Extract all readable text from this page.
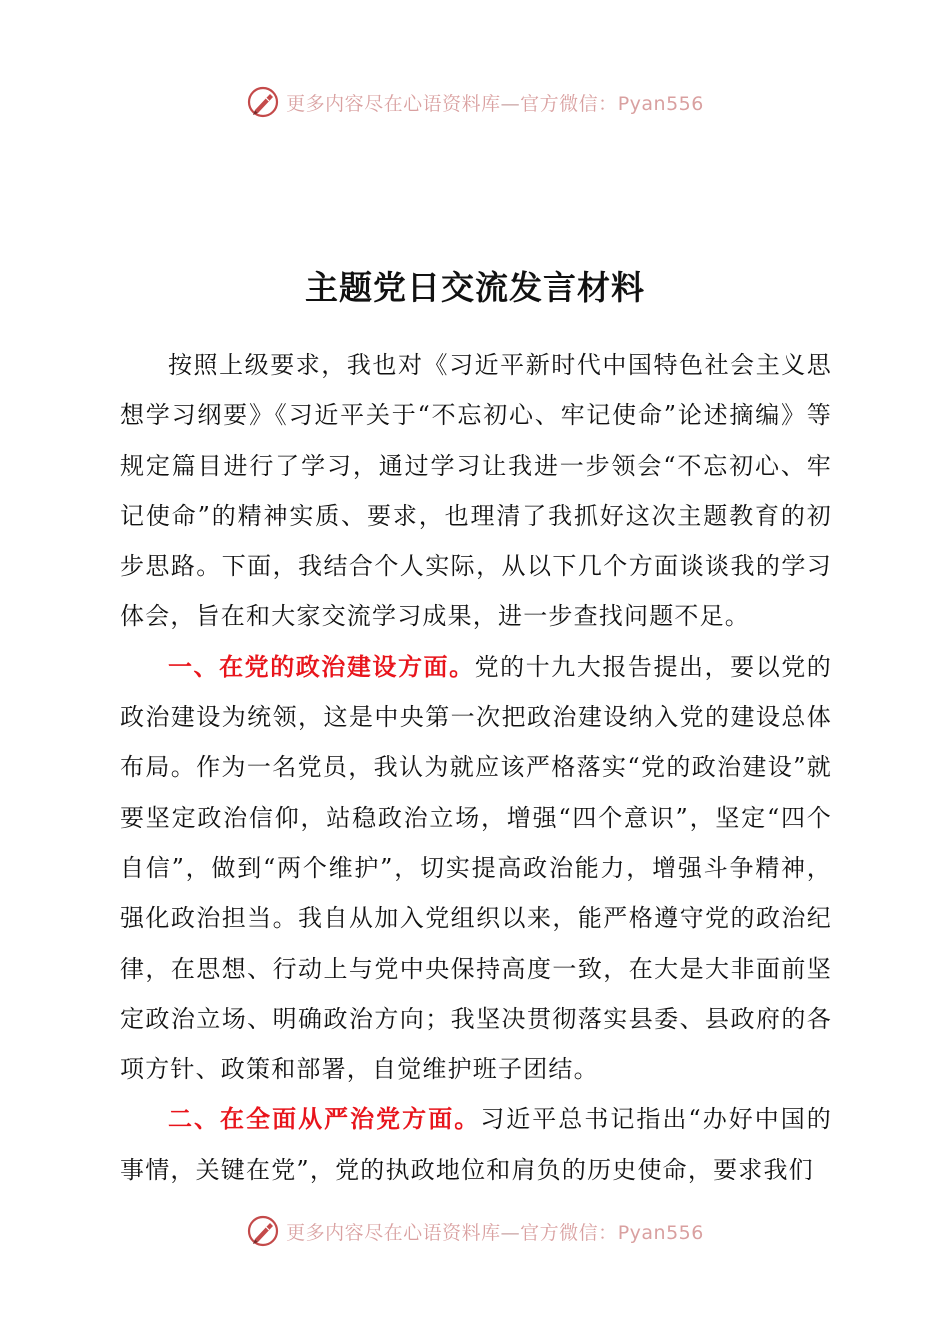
更多内容尽在心语资料库—官方微信：Pyan556
主题党日交流发言材料

按照上级要求，我也对《习近平新时代中国特色社会主义思想学习纲要》《习近平关于“不忘初心、牢记使命”论述摘编》等规定篇目进行了学习，通过学习让我进一步领会“不忘初心、牢记使命”的精神实质、要求，也理清了我抓好这次主题教育的初步思路。下面，我结合个人实际，从以下几个方面谈谈我的学习体会，旨在和大家交流学习成果，进一步查找问题不足。

一、在党的政治建设方面。党的十九大报告提出，要以党的政治建设为统领，这是中央第一次把政治建设纳入党的建设总体布局。作为一名党员，我认为就应该严格落实“党的政治建设”就要坚定政治信仰，站稳政治立场，增强“四个意识”，坚定“四个自信”，做到“两个维护”，切实提高政治能力，增强斗争精神，强化政治担当。我自从加入党组织以来，能严格遵守党的政治纪律，在思想、行动上与党中央保持高度一致，在大是大非面前坚定政治立场、明确政治方向；我坚决贯彻落实县委、县政府的各项方针、政策和部署，自觉维护班子团结。

二、在全面从严治党方面。习近平总书记指出“办好中国的事情，关键在党”，党的执政地位和肩负的历史使命，要求我们

更多内容尽在心语资料库—官方微信：Pyan556
